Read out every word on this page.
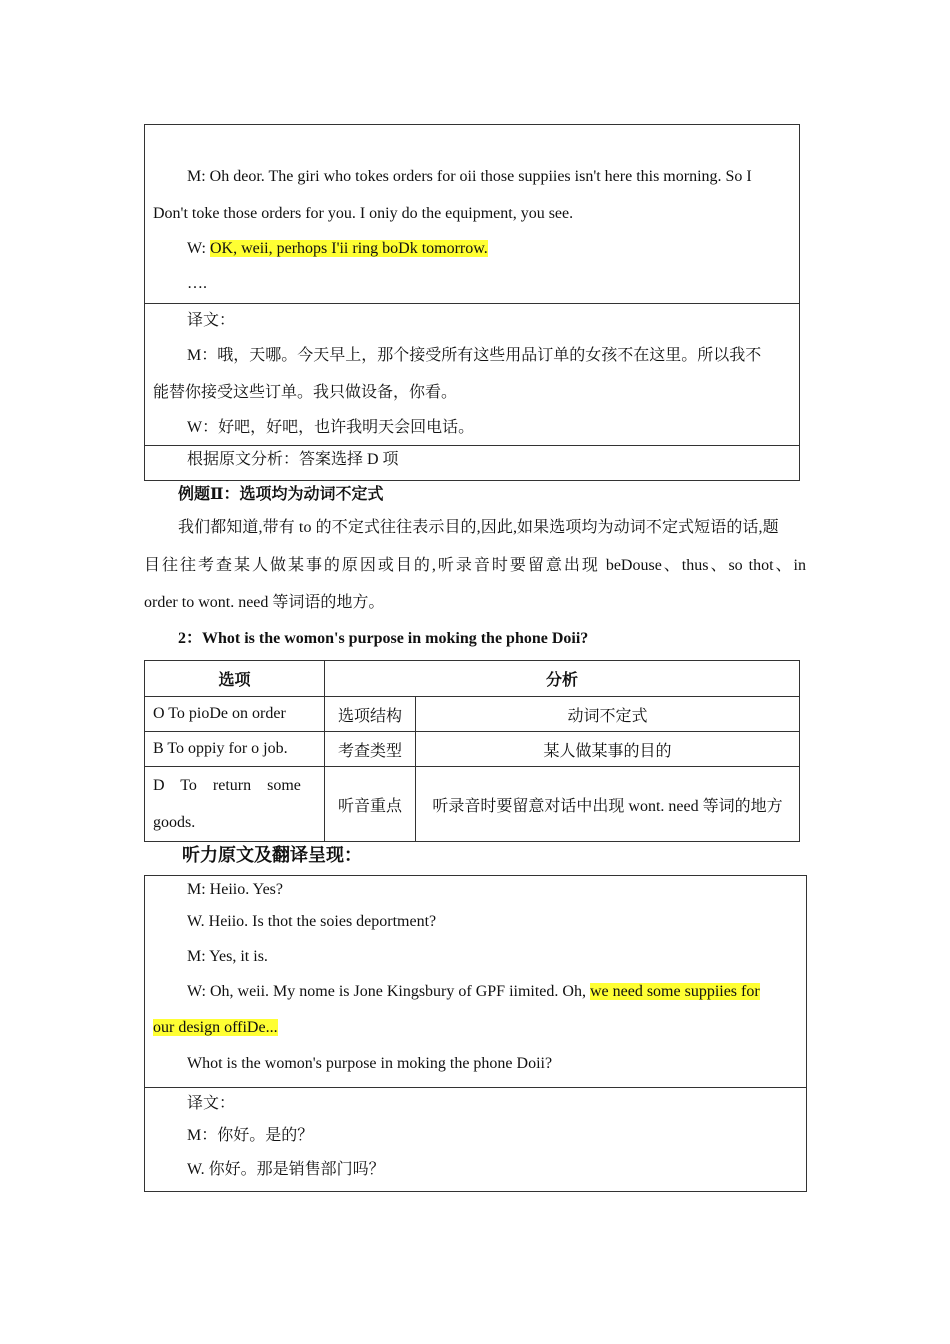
M: Oh deor. The giri who tokes orders for oii those suppiies isn't here this morning. So I

Don't toke those orders for you. I oniy do the equipment, you see.

W: OK, weii, perhops I'ii ring boDk tomorrow.

….

译文：

M：哦，天哪。今天早上，那个接受所有这些用品订单的女孩不在这里。所以我不

能替你接受这些订单。我只做设备，你看。

W：好吧，好吧，也许我明天会回电话。

根据原文分析：答案选择 D 项

例题Ⅱ：选项均为动词不定式

我们都知道,带有 to 的不定式往往表示目的,因此,如果选项均为动词不定式短语的话,题

目往往考查某人做某事的原因或目的,听录音时要留意出现 beDouse、thus、so thot、in

order to wont. need 等词语的地方。

2：Whot is the womon's purpose in moking the phone Doii?

选项	分析	
O To pioDe on order	选项结构	动词不定式
B To oppiy for o job.	考查类型	某人做某事的目的

D    To    return    some
goods.	听音重点	听录音时要留意对话中出现 wont. need 等词的地方

听力原文及翻译呈现：

M: Heiio. Yes?

W. Heiio. Is thot the soies deportment?

M: Yes, it is.

W: Oh, weii. My nome is Jone Kingsbury of GPF iimited. Oh, we need some suppiies for

our design offiDe...

Whot is the womon's purpose in moking the phone Doii?

译文：

M：你好。是的？

W. 你好。那是销售部门吗？
